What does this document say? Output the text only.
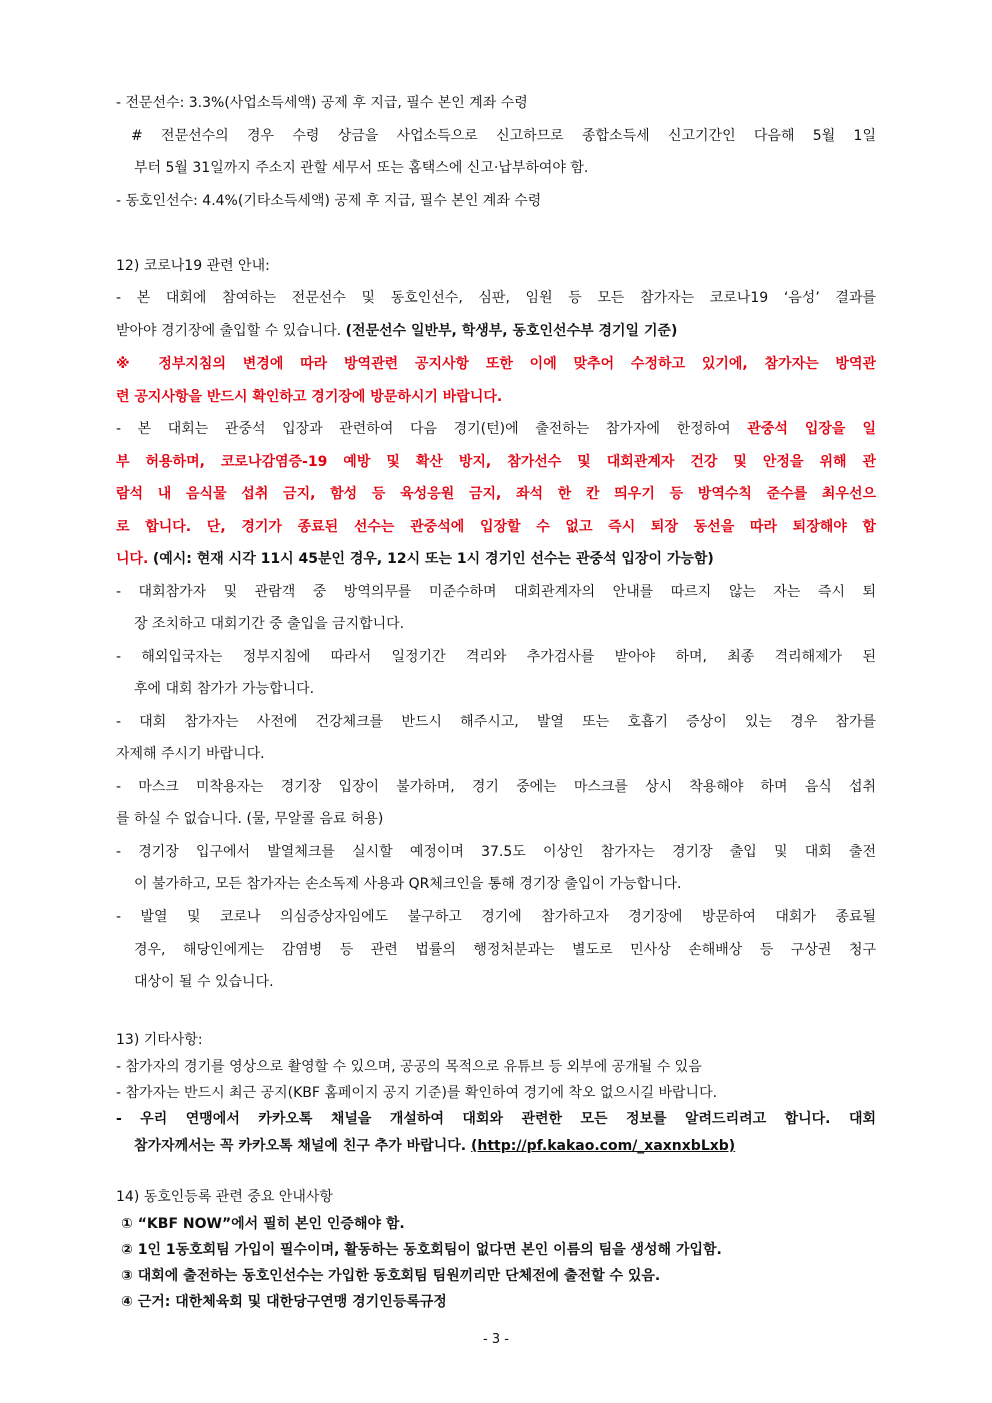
- 전문선수: 3.3%(사업소득세액) 공제 후 지급, 필수 본인 계좌 수령
# 전문선수의 경우 수령 상금을 사업소득으로 신고하므로 종합소득세 신고기간인 다음해 5월 1일
부터 5월 31일까지 주소지 관할 세무서 또는 홈택스에 신고·납부하여야 함.
- 동호인선수: 4.4%(기타소득세액) 공제 후 지급, 필수 본인 계좌 수령
12) 코로나19 관련 안내:
- 본 대회에 참여하는 전문선수 및 동호인선수, 심판, 임원 등 모든 참가자는 코로나19 ‘음성’ 결과를
받아야 경기장에 출입할 수 있습니다. (전문선수 일반부, 학생부, 동호인선수부 경기일 기준)
※ 정부지침의 변경에 따라 방역관련 공지사항 또한 이에 맞추어 수정하고 있기에, 참가자는 방역관
련 공지사항을 반드시 확인하고 경기장에 방문하시기 바랍니다.
- 본 대회는 관중석 입장과 관련하여 다음 경기(턴)에 출전하는 참가자에 한정하여 관중석 입장을 일
부 허용하며, 코로나감염증-19 예방 및 확산 방지, 참가선수 및 대회관계자 건강 및 안정을 위해 관
람석 내 음식물 섭취 금지, 함성 등 육성응원 금지, 좌석 한 칸 띄우기 등 방역수칙 준수를 최우선으
로 합니다. 단, 경기가 종료된 선수는 관중석에 입장할 수 없고 즉시 퇴장 동선을 따라 퇴장해야 합
니다. (예시: 현재 시각 11시 45분인 경우, 12시 또는 1시 경기인 선수는 관중석 입장이 가능함)
- 대회참가자 및 관람객 중 방역의무를 미준수하며 대회관계자의 안내를 따르지 않는 자는 즉시 퇴
장 조치하고 대회기간 중 출입을 금지합니다.
- 해외입국자는 정부지침에 따라서 일정기간 격리와 추가검사를 받아야 하며, 최종 격리해제가 된
후에 대회 참가가 가능합니다.
- 대회 참가자는 사전에 건강체크를 반드시 해주시고, 발열 또는 호흡기 증상이 있는 경우 참가를
자제해 주시기 바랍니다.
- 마스크 미착용자는 경기장 입장이 불가하며, 경기 중에는 마스크를 상시 착용해야 하며 음식 섭취
를 하실 수 없습니다. (물, 무알콜 음료 허용)
- 경기장 입구에서 발열체크를 실시할 예정이며 37.5도 이상인 참가자는 경기장 출입 및 대회 출전
이 불가하고, 모든 참가자는 손소독제 사용과 QR체크인을 통해 경기장 출입이 가능합니다.
- 발열 및 코로나 의심증상자임에도 불구하고 경기에 참가하고자 경기장에 방문하여 대회가 종료될
경우, 해당인에게는 감염병 등 관련 법률의 행정처분과는 별도로 민사상 손해배상 등 구상권 청구
대상이 될 수 있습니다.
13) 기타사항:
- 참가자의 경기를 영상으로 촬영할 수 있으며, 공공의 목적으로 유튜브 등 외부에 공개될 수 있음
- 참가자는 반드시 최근 공지(KBF 홈페이지 공지 기준)를 확인하여 경기에 착오 없으시길 바랍니다.
- 우리 연맹에서 카카오톡 채널을 개설하여 대회와 관련한 모든 정보를 알려드리려고 합니다. 대회
참가자께서는 꼭 카카오톡 채널에 친구 추가 바랍니다. (http://pf.kakao.com/_xaxnxbLxb)
14) 동호인등록 관련 중요 안내사항
① “KBF NOW”에서 필히 본인 인증해야 함.
② 1인 1동호회팀 가입이 필수이며, 활동하는 동호회팀이 없다면 본인 이름의 팀을 생성해 가입함.
③ 대회에 출전하는 동호인선수는 가입한 동호회팀 팀원끼리만 단체전에 출전할 수 있음.
④ 근거: 대한체육회 및 대한당구연맹 경기인등록규정
- 3 -
